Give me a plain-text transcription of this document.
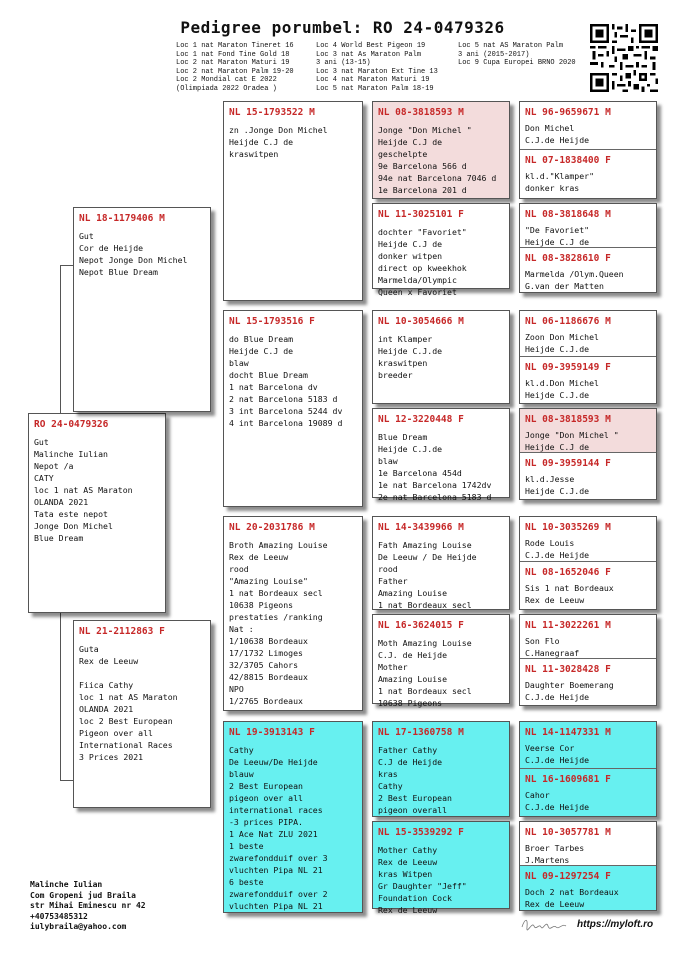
Pedigree porumbel: RO 24-0479326
Loc 1 nat Maraton Tineret 16
Loc 1 nat Fond Tine Gold 18
Loc 2 nat Maraton Maturi 19
Loc 2 nat Maraton Palm 19-20
Loc 2 Mondial cat E 2022
(Olimpiada 2022 Oradea )
Loc 4 World Best Pigeon 19
Loc 3 nat As Maraton Palm
3 ani (13-15)
Loc 3 nat Maraton Ext Tine 13
Loc 4 nat Maraton Maturi 19
Loc 5 nat Maraton Palm 18-19
Loc 5 nat AS Maraton Palm
3 ani (2015-2017)
Loc 9 Cupa Europei BRNO 2020
RO 24-0479326
Gut
Malinche Iulian
Nepot /a
CATY
loc 1 nat AS Maraton
OLANDA 2021
Tata este nepot
Jonge Don Michel
Blue Dream
NL 18-1179406 M
Gut
Cor de Heijde
Nepot Jonge Don Michel
Nepot Blue Dream
NL 21-2112863 F
Guta
Rex de Leeuw

Fiica Cathy
loc 1 nat AS Maraton
OLANDA 2021
loc 2 Best European
Pigeon over all
International Races
3 Prices 2021
NL 15-1793522 M
zn .Jonge Don Michel
Heijde C.J de
kraswitpen
NL 15-1793516 F
do Blue Dream
Heijde C.J de
blaw
docht Blue Dream
1 nat Barcelona dv
2 nat Barcelona 5183 d
3 int Barcelona 5244 dv
4 int Barcelona 19089 d
NL 20-2031786 M
Broth Amazing Louise
Rex de Leeuw
rood
"Amazing Louise"
1 nat Bordeaux secl
10638 Pigeons
prestaties /ranking
Nat :
1/10638 Bordeaux
17/1732 Limoges
32/3705 Cahors
42/8815 Bordeaux
NPO
1/2765 Bordeaux
NL 19-3913143 F
Cathy
De Leeuw/De Heijde
blauw
2 Best European
pigeon over all
international races
-3 prices PIPA.
1 Ace Nat ZLU 2021
1 beste
zwarefondduif over 3
vluchten Pipa NL 21
6 beste
zwarefondduif over 2
vluchten Pipa NL 21
NL 08-3818593 M
Jonge "Don Michel "
Heijde C.J de
geschelpte
9e Barcelona 566 d
94e nat Barcelona 7046 d
1e Barcelona 201 d
NL 11-3025101 F
dochter "Favoriet"
Heijde C.J de
donker witpen
direct op kweekhok
Marmelda/Olympic
Queen x Favoriet
NL 10-3054666 M
int Klamper
Heijde C.J.de
kraswitpen
breeder
NL 12-3220448 F
Blue Dream
Heijde C.J.de
blaw
1e Barcelona 454d
1e nat Barcelona 1742dv
2e nat Barcelona 5183 d
NL 14-3439966 M
Fath Amazing Louise
De Leeuw / De Heijde
rood
Father
Amazing Louise
1 nat Bordeaux secl
NL 16-3624015 F
Moth Amazing Louise
C.J. de Heijde
Mother
Amazing Louise
1 nat Bordeaux secl
10638 Pigeons
NL 17-1360758 M
Father Cathy
C.J de Heijde
kras
Cathy
2 Best European
pigeon overall
NL 15-3539292 F
Mother Cathy
Rex de Leeuw
kras Witpen
Gr Daughter "Jeff"
Foundation Cock
Rex de Leeuw
NL 96-9659671 M
Don Michel
C.J.de Heijde
NL 07-1838400 F
kl.d."Klamper"
donker kras
NL 08-3818648 M
"De Favoriet"
Heijde C.J de
NL 08-3828610 F
Marmelda /Olym.Queen
G.van der Matten
NL 06-1186676 M
Zoon Don Michel
Heijde C.J.de
NL 09-3959149 F
kl.d.Don Michel
Heijde C.J.de
NL 08-3818593 M
Jonge "Don Michel "
Heijde C.J de
NL 09-3959144 F
kl.d.Jesse
Heijde C.J.de
NL 10-3035269 M
Rode Louis
C.J.de Heijde
NL 08-1652046 F
Sis 1 nat Bordeaux
Rex de Leeuw
NL 11-3022261 M
Son Flo
C.Hanegraaf
NL 11-3028428 F
Daughter Boemerang
C.J.de Heijde
NL 14-1147331 M
Veerse Cor
C.J.de Heijde
NL 16-1609681 F
Cahor
C.J.de Heijde
NL 10-3057781 M
Broer Tarbes
J.Martens
NL 09-1297254 F
Doch 2 nat Bordeaux
Rex de Leeuw
Malinche Iulian
Com Gropeni jud Braila
str Mihai Eminescu nr 42
+40753485312
iulybraila@yahoo.com	https://myloft.ro
